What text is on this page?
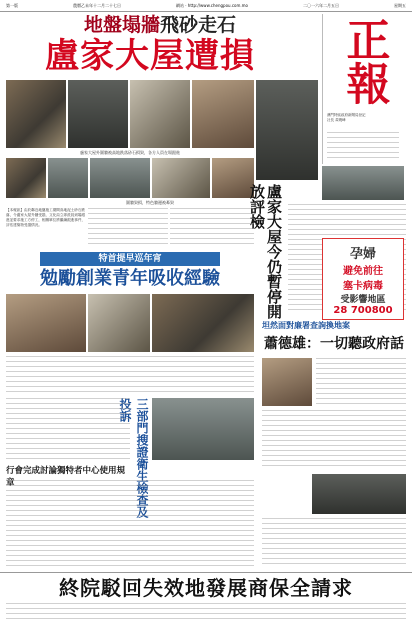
第一版	農曆乙未年十二月二十七日	網站 · http://www.chengpou.com.mo	二〇一六年二月五日	星期五
地盤塌牆飛砂走石
盧家大屋遭損	正報
澳門特區政府新聞局登記
社長 黃曉峰
盧家大屋外圍牆被高地跌落砂石損毀，各方人員在場跟進
圍牆毀損，特色牆邊被牽毀	盧家大屋今仍暫停開放評檢
【本報訊】由於鄰近地盤施工期間高地泥土砂石跌落，令盧家大屋外牆受損，文化局立即派員到場跟進並要求施工方停工，相關單位將繼續跟進事件，評估建築物受損情況。
特首提早巡年宵
勉勵創業青年吸收經驗
坦然面對廉署查詢換地案
蕭德雄：一切聽政府話
孕婦
避免前往
塞卡病毒
受影響地區
28 700800
三部門搜證衛生檢查及投訴
行會完成討論獨特者中心使用規章
終院駁回失效地發展商保全請求
